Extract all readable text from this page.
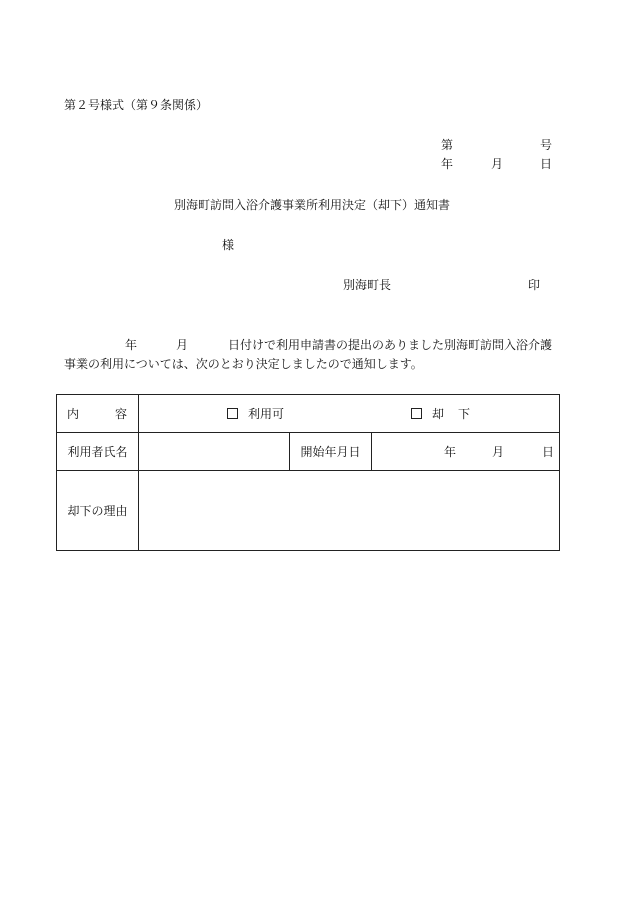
第２号様式（第９条関係）
第	号
年	月	日
別海町訪問入浴介護事業所利用決定（却下）通知書
様
別海町長	印
年	月	日付けで利用申請書の提出のありました別海町訪問入浴介護
事業の利用については、次のとおり決定しましたので通知します。
内 容	利用可 却 下		

利用者氏名		開始年月日	年 月 日

却下の理由			
